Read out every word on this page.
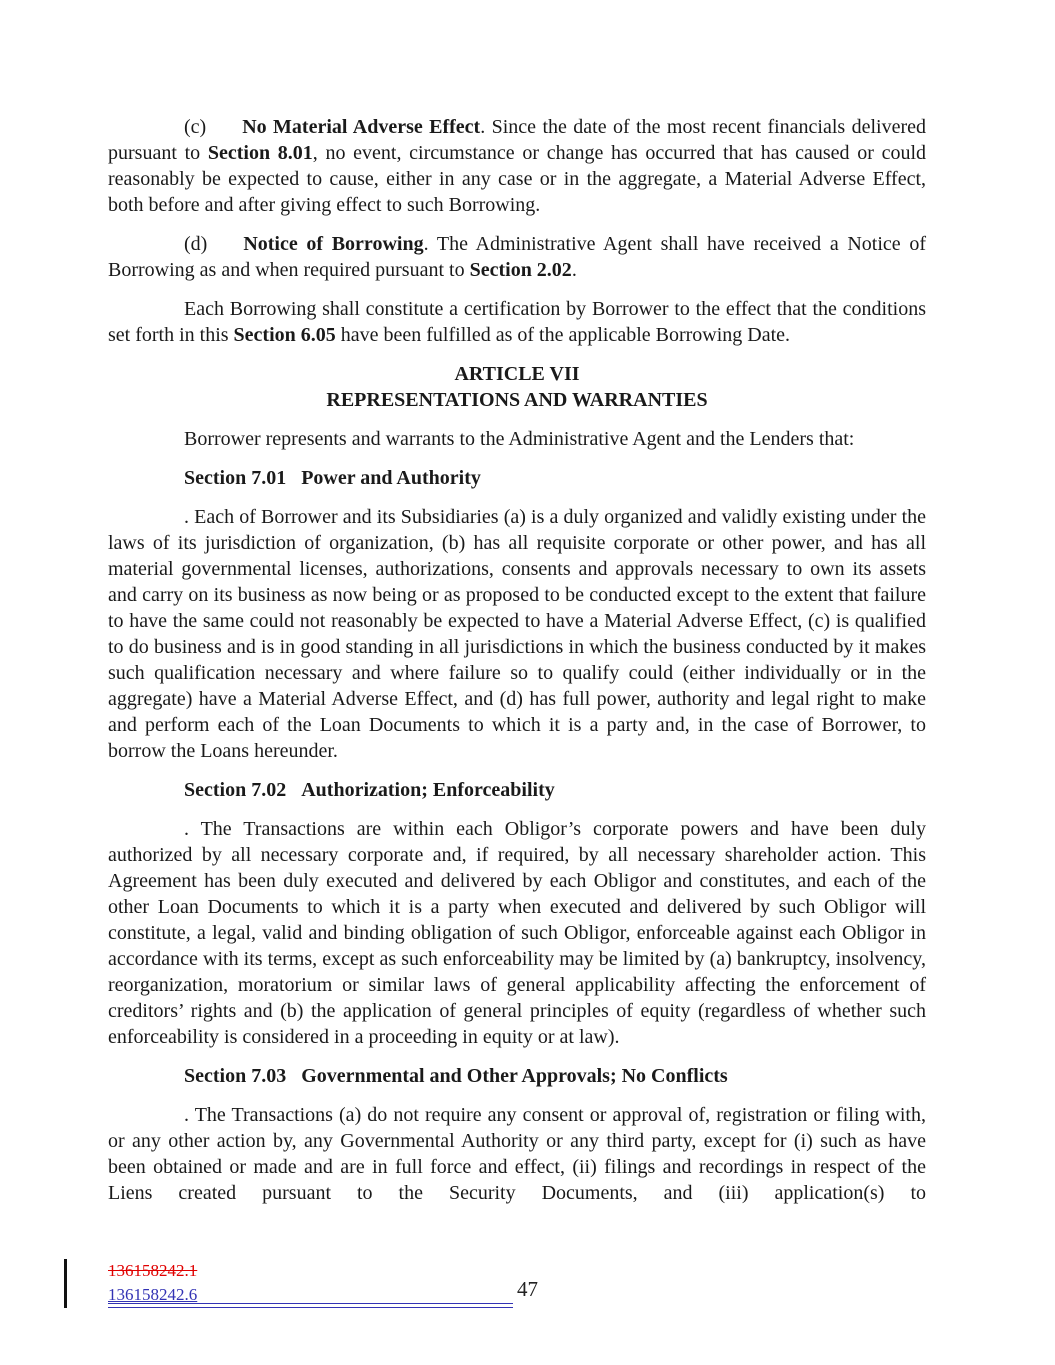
(c) No Material Adverse Effect. Since the date of the most recent financials delivered pursuant to Section 8.01, no event, circumstance or change has occurred that has caused or could reasonably be expected to cause, either in any case or in the aggregate, a Material Adverse Effect, both before and after giving effect to such Borrowing.

(d) Notice of Borrowing. The Administrative Agent shall have received a Notice of Borrowing as and when required pursuant to Section 2.02.

Each Borrowing shall constitute a certification by Borrower to the effect that the conditions set forth in this Section 6.05 have been fulfilled as of the applicable Borrowing Date.

ARTICLE VII
REPRESENTATIONS AND WARRANTIES

Borrower represents and warrants to the Administrative Agent and the Lenders that:

Section 7.01 Power and Authority

. Each of Borrower and its Subsidiaries (a) is a duly organized and validly existing under the laws of its jurisdiction of organization, (b) has all requisite corporate or other power, and has all material governmental licenses, authorizations, consents and approvals necessary to own its assets and carry on its business as now being or as proposed to be conducted except to the extent that failure to have the same could not reasonably be expected to have a Material Adverse Effect, (c) is qualified to do business and is in good standing in all jurisdictions in which the business conducted by it makes such qualification necessary and where failure so to qualify could (either individually or in the aggregate) have a Material Adverse Effect, and (d) has full power, authority and legal right to make and perform each of the Loan Documents to which it is a party and, in the case of Borrower, to borrow the Loans hereunder.

Section 7.02 Authorization; Enforceability

. The Transactions are within each Obligor’s corporate powers and have been duly authorized by all necessary corporate and, if required, by all necessary shareholder action. This Agreement has been duly executed and delivered by each Obligor and constitutes, and each of the other Loan Documents to which it is a party when executed and delivered by such Obligor will constitute, a legal, valid and binding obligation of such Obligor, enforceable against each Obligor in accordance with its terms, except as such enforceability may be limited by (a) bankruptcy, insolvency, reorganization, moratorium or similar laws of general applicability affecting the enforcement of creditors’ rights and (b) the application of general principles of equity (regardless of whether such enforceability is considered in a proceeding in equity or at law).

Section 7.03 Governmental and Other Approvals; No Conflicts

. The Transactions (a) do not require any consent or approval of, registration or filing with, or any other action by, any Governmental Authority or any third party, except for (i) such as have been obtained or made and are in full force and effect, (ii) filings and recordings in respect of the Liens created pursuant to the Security Documents, and (iii) application(s) to

136158242.1
136158242.6	47
